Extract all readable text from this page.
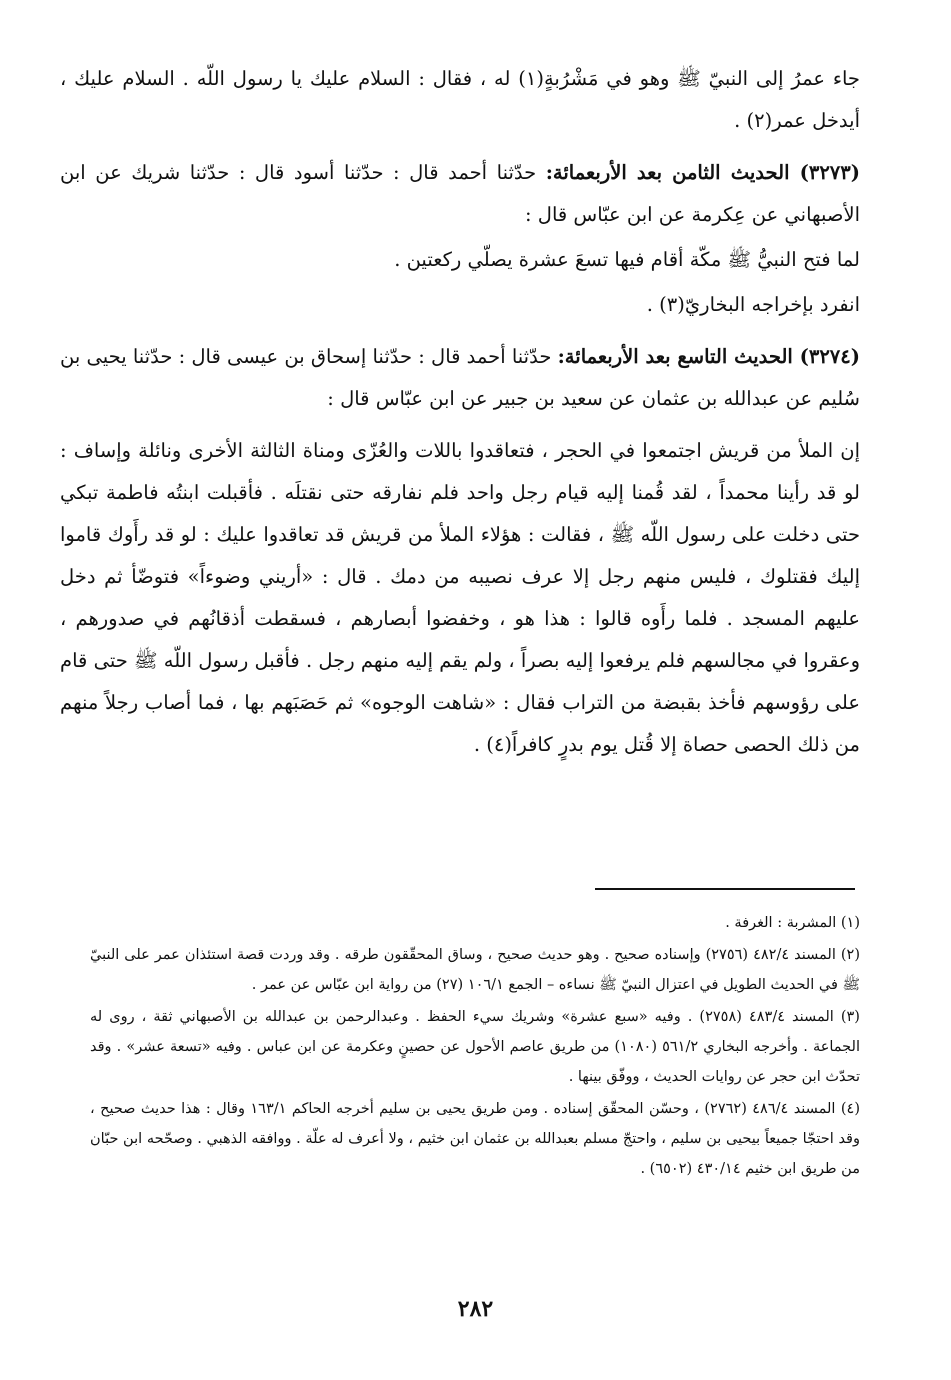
جاء عمرُ إلى النبيّ ﷺ وهو في مَشْرُبةٍ(١) له ، فقال : السلام عليك يا رسول اللّه . السلام عليك ، أيدخل عمر(٢) .

(٣٢٧٣) الحديث الثامن بعد الأربعمائة: حدّثنا أحمد قال : حدّثنا أسود قال : حدّثنا شريك عن ابن الأصبهاني عن عِكرمة عن ابن عبّاس قال :

لما فتح النبيُّ ﷺ مكّة أقام فيها تسعَ عشرة يصلّي ركعتين .

انفرد بإخراجه البخاريّ(٣) .

(٣٢٧٤) الحديث التاسع بعد الأربعمائة: حدّثنا أحمد قال : حدّثنا إسحاق بن عيسى قال : حدّثنا يحيى بن سُليم عن عبدالله بن عثمان عن سعيد بن جبير عن ابن عبّاس قال :

إن الملأ من قريش اجتمعوا في الحجر ، فتعاقدوا باللات والعُزّى ومناة الثالثة الأخرى ونائلة وإساف : لو قد رأينا محمداً ، لقد قُمنا إليه قيام رجل واحد فلم نفارقه حتى نقتلَه . فأقبلت ابنتُه فاطمة تبكي حتى دخلت على رسول اللّه ﷺ ، فقالت : هؤلاء الملأ من قريش قد تعاقدوا عليك : لو قد رأَوك قاموا إليك فقتلوك ، فليس منهم رجل إلا عرف نصيبه من دمك . قال : «أريني وضوءاً» فتوضّأ ثم دخل عليهم المسجد . فلما رأَوه قالوا : هذا هو ، وخفضوا أبصارهم ، فسقطت أذقانُهم في صدورهم ، وعقروا في مجالسهم فلم يرفعوا إليه بصراً ، ولم يقم إليه منهم رجل . فأقبل رسول اللّه ﷺ حتى قام على رؤوسهم فأخذ بقبضة من التراب فقال : «شاهت الوجوه» ثم حَصَبَهم بها ، فما أصاب رجلاً منهم من ذلك الحصى حصاة إلا قُتل يوم بدرٍ كافراً(٤) .

(١) المشربة : الغرفة .

(٢) المسند ٤٨٢/٤ (٢٧٥٦) وإسناده صحيح . وهو حديث صحيح ، وساق المحقّقون طرقه . وقد وردت قصة استئذان عمر على النبيّ ﷺ في الحديث الطويل في اعتزال النبيّ ﷺ نساءه – الجمع ١٠٦/١ (٢٧) من رواية ابن عبّاس عن عمر .

(٣) المسند ٤٨٣/٤ (٢٧٥٨) . وفيه «سبع عشرة» وشريك سيء الحفظ . وعبدالرحمن بن عبدالله بن الأصبهاني ثقة ، روى له الجماعة . وأخرجه البخاري ٥٦١/٢ (١٠٨٠) من طريق عاصم الأحول عن حصينٍ وعكرمة عن ابن عباس . وفيه «تسعة عشر» . وقد تحدّث ابن حجر عن روايات الحديث ، ووفّق بينها .

(٤) المسند ٤٨٦/٤ (٢٧٦٢) ، وحسّن المحقّق إسناده . ومن طريق يحيى بن سليم أخرجه الحاكم ١٦٣/١ وقال : هذا حديث صحيح ، وقد احتجّا جميعاً بيحيى بن سليم ، واحتجّ مسلم بعبدالله بن عثمان ابن خثيم ، ولا أعرف له علّة . ووافقه الذهبي . وصحّحه ابن حبّان من طريق ابن خثيم ٤٣٠/١٤ (٦٥٠٢) .

٢٨٢
